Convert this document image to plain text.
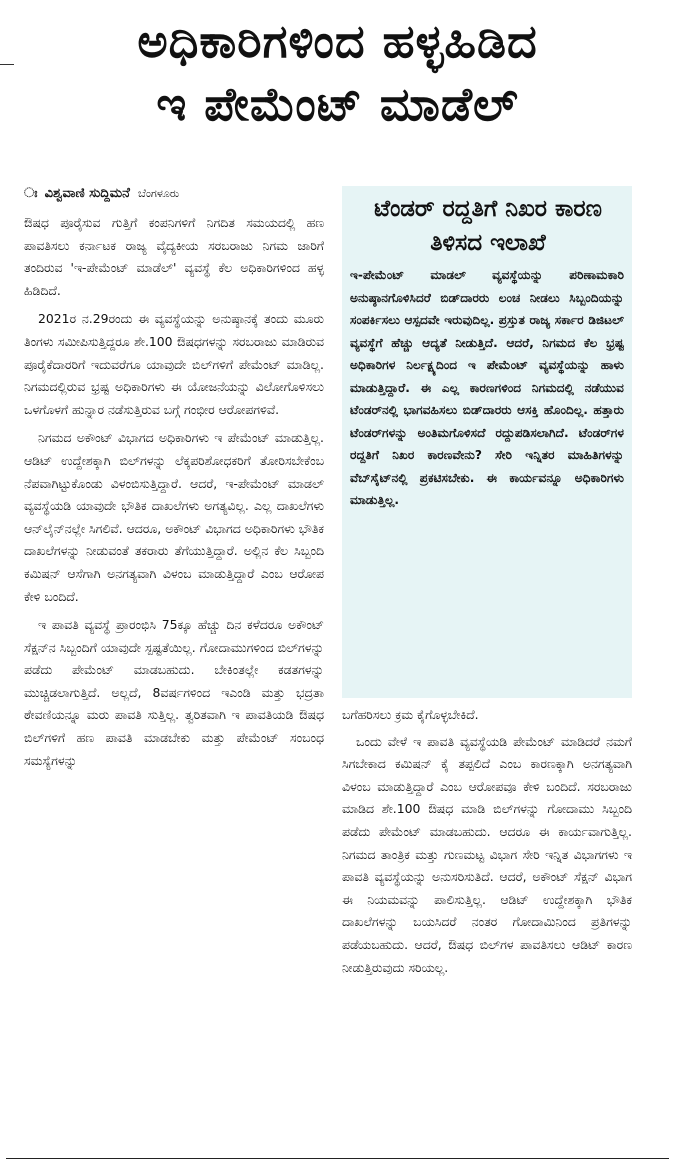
ಅಧಿಕಾರಿಗಳಿಂದ ಹಳ್ಳಹಿಡಿದ
ಇ ಪೇಮೆಂಟ್ ಮಾಡೆಲ್
ಃ ವಿಶ್ವವಾಣಿ ಸುದ್ದಿಮನೆ ಬೆಂಗಳೂರು

ಔಷಧ ಪೂರೈಸುವ ಗುತ್ತಿಗೆ ಕಂಪನಿಗಳಿಗೆ ನಿಗದಿತ ಸಮಯದಲ್ಲಿ ಹಣ ಪಾವತಿಸಲು ಕರ್ನಾಟಕ ರಾಜ್ಯ ವೈದ್ಯಕೀಯ ಸರಬರಾಜು ನಿಗಮ ಜಾರಿಗೆ ತಂದಿರುವ 'ಇ-ಪೇಮೆಂಟ್ ಮಾಡೆಲ್' ವ್ಯವಸ್ಥೆ ಕೆಲ ಅಧಿಕಾರಿಗಳಿಂದ ಹಳ್ಳ ಹಿಡಿದಿದೆ.

2021ರ ನ.29ರಂದು ಈ ವ್ಯವಸ್ಥೆಯನ್ನು ಅನುಷ್ಠಾನಕ್ಕೆ ತಂದು ಮೂರು ತಿಂಗಳು ಸಮೀಪಿಸುತ್ತಿದ್ದರೂ ಶೇ.100 ಔಷಧಗಳನ್ನು ಸರಬರಾಜು ಮಾಡಿರುವ ಪೂರೈಕೆದಾರರಿಗೆ ಇದುವರೆಗೂ ಯಾವುದೇ ಬಿಲ್‌ಗಳಿಗೆ ಪೇಮೆಂಟ್ ಮಾಡಿಲ್ಲ. ನಿಗಮದಲ್ಲಿರುವ ಭ್ರಷ್ಟ ಅಧಿಕಾರಿಗಳು ಈ ಯೋಜನೆಯನ್ನು ವಿಲೋಗೊಳಿಸಲು ಒಳಗೊಳಗೆ ಹುನ್ನಾರ ನಡೆಸುತ್ತಿರುವ ಬಗ್ಗೆ ಗಂಭೀರ ಆರೋಪಗಳಿವೆ.

ನಿಗಮದ ಅಕೌಂಟ್ ವಿಭಾಗದ ಅಧಿಕಾರಿಗಳು ಇ ಪೇಮೆಂಟ್ ಮಾಡುತ್ತಿಲ್ಲ. ಆಡಿಟ್ ಉದ್ದೇಶಕ್ಕಾಗಿ ಬಿಲ್‌ಗಳನ್ನು ಲೆಕ್ಕಪರಿಶೋಧಕರಿಗೆ ತೋರಿಸಬೇಕೆಂಬ ನೆಪವಾಗಿಟ್ಟುಕೊಂಡು ವಿಳಂಬಿಸುತ್ತಿದ್ದಾರೆ. ಆದರೆ, ಇ-ಪೇಮೆಂಟ್ ಮಾಡಲ್ ವ್ಯವಸ್ಥೆಯಡಿ ಯಾವುದೇ ಭೌತಿಕ ದಾಖಲೆಗಳು ಅಗತ್ಯವಿಲ್ಲ. ಎಲ್ಲ ದಾಖಲೆಗಳು ಆನ್‌ಲೈನ್‌ನಲ್ಲೇ ಸಿಗಲಿವೆ. ಆದರೂ, ಅಕೌಂಟ್ ವಿಭಾಗದ ಅಧಿಕಾರಿಗಳು ಭೌತಿಕ ದಾಖಲೆಗಳನ್ನು ನೀಡುವಂತೆ ತಕರಾರು ತೆಗೆಯುತ್ತಿದ್ದಾರೆ. ಅಲ್ಲಿನ ಕೆಲ ಸಿಬ್ಬಂದಿ ಕಮಿಷನ್ ಆಸೆಗಾಗಿ ಅನಗತ್ಯವಾಗಿ ವಿಳಂಬ ಮಾಡುತ್ತಿದ್ದಾರೆ ಎಂಬ ಆರೋಪ ಕೇಳಿ ಬಂದಿದೆ.

ಇ ಪಾವತಿ ವ್ಯವಸ್ಥೆ ಪ್ರಾರಂಭಿಸಿ 75ಕ್ಕೂ ಹೆಚ್ಚು ದಿನ ಕಳೆದರೂ ಅಕೌಂಟ್ ಸೆಕ್ಷನ್‌ನ ಸಿಬ್ಬಂದಿಗೆ ಯಾವುದೇ ಸ್ಪಷ್ಟತೆಯಿಲ್ಲ. ಗೋದಾಮುಗಳಿಂದ ಬಿಲ್‌ಗಳನ್ನು ಪಡೆದು ಪೇಮೆಂಟ್ ಮಾಡಬಹುದು. ಬೇಕಿಂತಲ್ಲೇ ಕಡತಗಳನ್ನು ಮುಚ್ಚಿಡಲಾಗುತ್ತಿದೆ. ಅಲ್ಲದೆ, 8ವರ್ಷಗಳಿಂದ ಇಎಂಡಿ ಮತ್ತು ಭದ್ರತಾ ಠೇವಣಿಯನ್ನೂ ಮರು ಪಾವತಿ ಸುತ್ತಿಲ್ಲ. ತ್ವರಿತವಾಗಿ ಇ ಪಾವತಿಯಡಿ ಔಷಧ ಬಿಲ್‌ಗಳಿಗೆ ಹಣ ಪಾವತಿ ಮಾಡಬೇಕು ಮತ್ತು ಪೇಮೆಂಟ್ ಸಂಬಂಧ ಸಮಸ್ಯೆಗಳನ್ನು

ಟೆಂಡರ್ ರದ್ದತಿಗೆ ನಿಖರ ಕಾರಣ ತಿಳಿಸದ ಇಲಾಖೆ
ಇ-ಪೇಮೆಂಟ್ ಮಾಡಲ್ ವ್ಯವಸ್ಥೆಯನ್ನು ಪರಿಣಾಮಕಾರಿ ಅನುಷ್ಠಾನಗೊಳಿಸಿದರೆ ಬಿಡ್‌ದಾರರು ಲಂಚ ನೀಡಲು ಸಿಬ್ಬಂದಿಯನ್ನು ಸಂಪರ್ಕಿಸಲು ಆಸ್ಪದವೇ ಇರುವುದಿಲ್ಲ. ಪ್ರಸ್ತುತ ರಾಜ್ಯ ಸರ್ಕಾರ ಡಿಜಿಟಲ್ ವ್ಯವಸ್ಥೆಗೆ ಹೆಚ್ಚು ಆದ್ಯತೆ ನೀಡುತ್ತಿದೆ. ಆದರೆ, ನಿಗಮದ ಕೆಲ ಭ್ರಷ್ಟ ಅಧಿಕಾರಿಗಳ ನಿರ್ಲಕ್ಷ್ಯದಿಂದ ಇ ಪೇಮೆಂಟ್ ವ್ಯವಸ್ಥೆಯನ್ನು ಹಾಳು ಮಾಡುತ್ತಿದ್ದಾರೆ. ಈ ಎಲ್ಲ ಕಾರಣಗಳಿಂದ ನಿಗಮದಲ್ಲಿ ನಡೆಯುವ ಟೆಂಡರ್‌ನಲ್ಲಿ ಭಾಗವಹಿಸಲು ಬಿಡ್‌ದಾರರು ಆಸಕ್ತಿ ಹೊಂದಿಲ್ಲ. ಹತ್ತಾರು ಟೆಂಡರ್‌ಗಳನ್ನು ಅಂತಿಮಗೊಳಿಸದೆ ರದ್ದುಪಡಿಸಲಾಗಿದೆ. ಟೆಂಡರ್‌ಗಳ ರದ್ದತಿಗೆ ನಿಖರ ಕಾರಣವೇನು? ಸೇರಿ ಇನ್ನಿತರ ಮಾಹಿತಿಗಳನ್ನು ವೆಬ್‌ಸೈಟ್‌ನಲ್ಲಿ ಪ್ರಕಟಿಸಬೇಕು. ಈ ಕಾರ್ಯವನ್ನೂ ಅಧಿಕಾರಿಗಳು ಮಾಡುತ್ತಿಲ್ಲ.

ಬಗೆಹರಿಸಲು ಕ್ರಮ ಕೈಗೊಳ್ಳಬೇಕಿದೆ.

ಒಂದು ವೇಳೆ ಇ ಪಾವತಿ ವ್ಯವಸ್ಥೆಯಡಿ ಪೇಮೆಂಟ್ ಮಾಡಿದರೆ ನಮಗೆ ಸಿಗಬೇಕಾದ ಕಮಿಷನ್ ಕೈ ತಪ್ಪಲಿದೆ ಎಂಬ ಕಾರಣಕ್ಕಾಗಿ ಅನಗತ್ಯವಾಗಿ ವಿಳಂಬ ಮಾಡುತ್ತಿದ್ದಾರೆ ಎಂಬ ಆರೋಪವೂ ಕೇಳಿ ಬಂದಿದೆ. ಸರಬರಾಜು ಮಾಡಿದ ಶೇ.100 ಔಷಧ ಮಾಡಿ ಬಿಲ್‌ಗಳನ್ನು ಗೋದಾಮು ಸಿಬ್ಬಂದಿ ಪಡೆದು ಪೇಮೆಂಟ್ ಮಾಡಬಹುದು. ಆದರೂ ಈ ಕಾರ್ಯವಾಗುತ್ತಿಲ್ಲ. ನಿಗಮದ ತಾಂತ್ರಿಕ ಮತ್ತು ಗುಣಮಟ್ಟ ವಿಭಾಗ ಸೇರಿ ಇನ್ನಿತ ವಿಭಾಗಗಳು ಇ ಪಾವತಿ ವ್ಯವಸ್ಥೆಯನ್ನು ಅನುಸರಿಸುತಿದೆ. ಆದರೆ, ಅಕೌಂಟ್ ಸೆಕ್ಷನ್ ವಿಭಾಗ ಈ ನಿಯಮವನ್ನು ಪಾಲಿಸುತ್ತಿಲ್ಲ. ಆಡಿಟ್ ಉದ್ದೇಶಕ್ಕಾಗಿ ಭೌತಿಕ ದಾಖಲೆಗಳನ್ನು ಬಯಸಿದರೆ ನಂತರ ಗೋದಾಮಿನಿಂದ ಪ್ರತಿಗಳನ್ನು ಪಡೆಯಬಹುದು. ಆದರೆ, ಔಷಧ ಬಿಲ್‌ಗಳ ಪಾವತಿಸಲು ಆಡಿಟ್ ಕಾರಣ ನೀಡುತ್ತಿರುವುದು ಸರಿಯಲ್ಲ.
